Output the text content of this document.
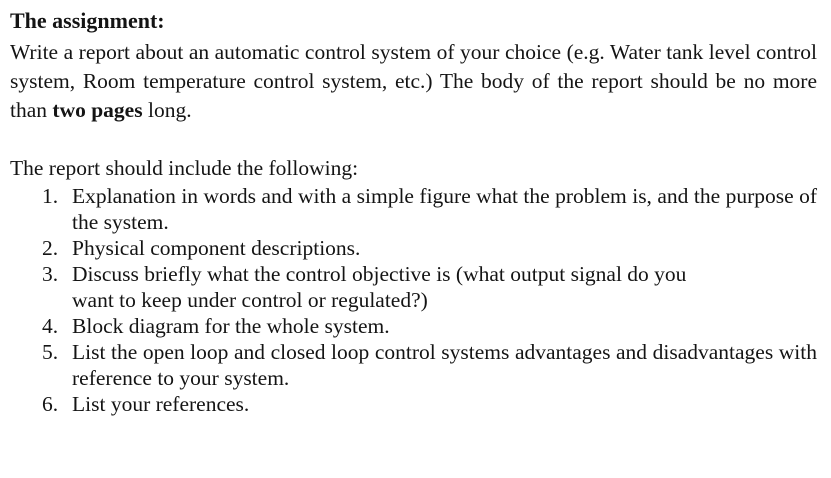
The assignment:

Write a report about an automatic control system of your choice (e.g. Water tank level control system, Room temperature control system, etc.) The body of the report should be no more than two pages long.

The report should include the following:

1. Explanation in words and with a simple figure what the problem is, and the purpose of the system.
2. Physical component descriptions.
3. Discuss briefly what the control objective is (what output signal do you want to keep under control or regulated?)
4. Block diagram for the whole system.
5. List the open loop and closed loop control systems advantages and disadvantages with reference to your system.
6. List your references.
